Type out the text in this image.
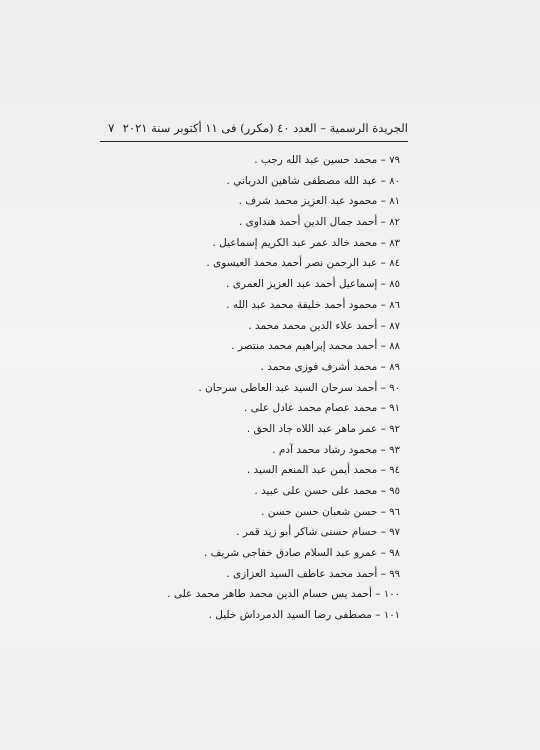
الجريدة الرسمية – العدد ٤٠ (مكرر) فى ١١ أكتوبر سنة ٢٠٢١
٧
٧٩ – محمد حسين عبد الله رجب .
٨٠ – عبد الله مصطفى شاهين الدرباني .
٨١ – محمود عبد العزيز محمد شرف .
٨٢ – أحمد جمال الدين أحمد هنداوى .
٨٣ – محمد خالد عمر عبد الكريم إسماعيل .
٨٤ – عبد الرحمن نصر أحمد محمد العيسوى .
٨٥ – إسماعيل أحمد عبد العزيز العمرى .
٨٦ – محمود أحمد خليفة محمد عبد الله .
٨٧ – أحمد علاء الدين محمد محمد .
٨٨ – أحمد محمد إبراهيم محمد منتصر .
٨٩ – محمد أشرف فوزى محمد .
٩٠ – أحمد سرحان السيد عبد العاطى سرحان .
٩١ – محمد عصام محمد عادل على .
٩٢ – عمر ماهر عبد اللاه جاد الحق .
٩٣ – محمود رشاد محمد آدم .
٩٤ – محمد أيمن عبد المنعم السيد .
٩٥ – محمد على حسن على عبيد .
٩٦ – حسن شعبان حسن حسن .
٩٧ – حسام حسنى شاكر أبو زيد قمر .
٩٨ – عمرو عبد السلام صادق خفاجى شريف .
٩٩ – أحمد محمد عاطف السيد العزازى .
١٠٠ – أحمد يس حسام الدين محمد طاهر محمد على .
١٠١ – مصطفى رضا السيد الدمرداش خليل .
